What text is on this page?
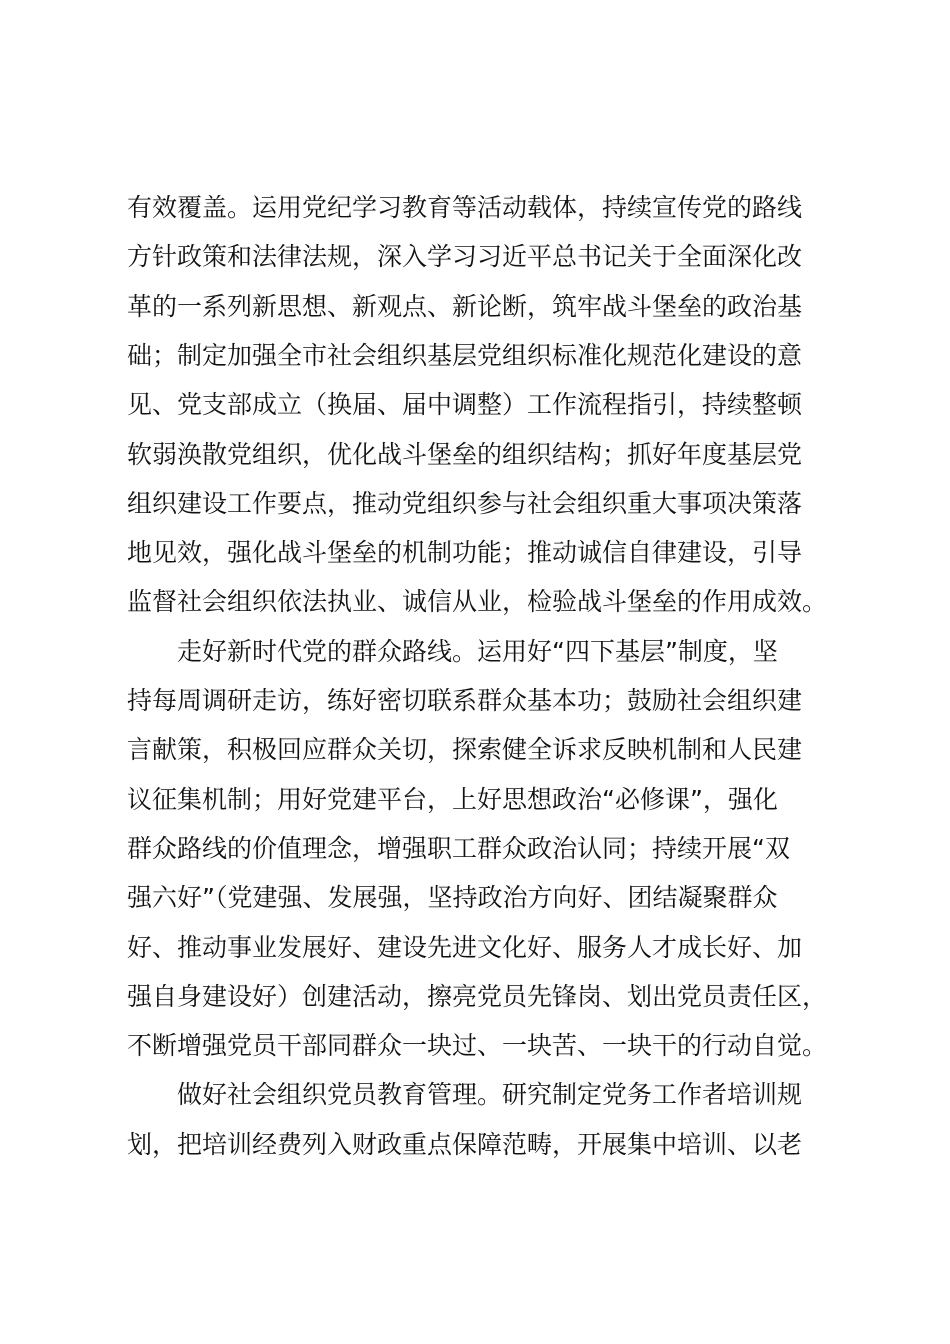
有效覆盖。运用党纪学习教育等活动载体，持续宣传党的路线
方针政策和法律法规，深入学习习近平总书记关于全面深化改
革的一系列新思想、新观点、新论断，筑牢战斗堡垒的政治基
础；制定加强全市社会组织基层党组织标准化规范化建设的意
见、党支部成立（换届、届中调整）工作流程指引，持续整顿
软弱涣散党组织，优化战斗堡垒的组织结构；抓好年度基层党
组织建设工作要点，推动党组织参与社会组织重大事项决策落
地见效，强化战斗堡垒的机制功能；推动诚信自律建设，引导
监督社会组织依法执业、诚信从业，检验战斗堡垒的作用成效。
走好新时代党的群众路线。运用好“四下基层”制度，坚
持每周调研走访，练好密切联系群众基本功；鼓励社会组织建
言献策，积极回应群众关切，探索健全诉求反映机制和人民建
议征集机制；用好党建平台，上好思想政治“必修课”，强化
群众路线的价值理念，增强职工群众政治认同；持续开展“双
强六好”（党建强、发展强，坚持政治方向好、团结凝聚群众
好、推动事业发展好、建设先进文化好、服务人才成长好、加
强自身建设好）创建活动，擦亮党员先锋岗、划出党员责任区，
不断增强党员干部同群众一块过、一块苦、一块干的行动自觉。
做好社会组织党员教育管理。研究制定党务工作者培训规
划，把培训经费列入财政重点保障范畴，开展集中培训、以老
